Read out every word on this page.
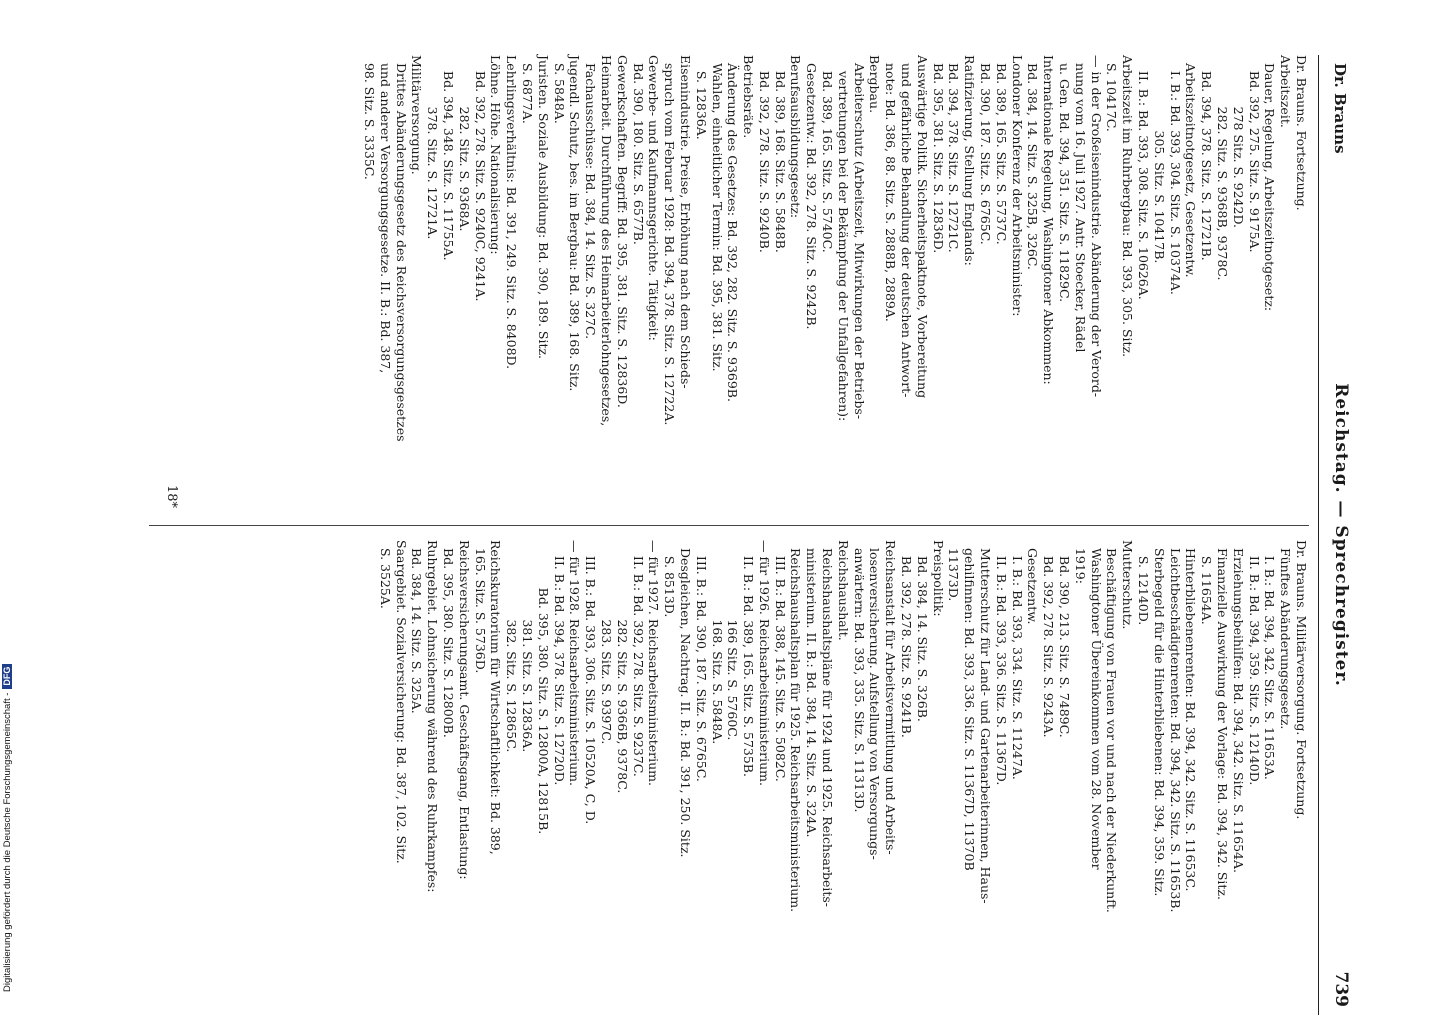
Dr. Brauns
Reichstag. — Sprechregister.
739
Dr. Brauns. Fortsetzung.
Arbeitszeit.
Dauer, Regelung, Arbeitszeitnotgesetz:
Bd. 392, 275. Sitz. S. 9175A.
278 Sitz. S. 9242D.
282. Sitz. S. 9368B, 9378C.
Bd. 394, 378. Sitz. S. 12721B.
Arbeitszeitnotgesetz, Gesetzentw.
I. B.: Bd. 393, 304. Sitz. S. 10374A.
305. Sitz. S. 10417B.
II. B.: Bd. 393, 308. Sitz. S. 10626A.
Arbeitszeit im Ruhrbergbau: Bd. 393, 305. Sitz.
S. 10417C.
— in der Großeisenindustrie. Abänderung der Verord-
nung vom 16. Juli 1927. Antr. Stoecker, Rädel
u. Gen. Bd. 394, 351. Sitz. S. 11829C.
Internationale Regelung, Washingtoner Abkommen:
Bd. 384, 14. Sitz. S. 325B, 326C.
Londoner Konferenz der Arbeitsminister:
Bd. 389, 165. Sitz. S. 5737C.
Bd. 390, 187. Sitz. S. 6765C.
Ratifizierung, Stellung Englands:
Bd. 394, 378. Sitz. S. 12721C.
Bd. 395, 381. Sitz. S. 12836D.
Auswärtige Politik. Sicherheitspaktnote, Vorbereitung
und gefährliche Behandlung der deutschen Antwort-
note: Bd. 386, 88. Sitz. S. 2888B, 2889A.
Bergbau.
Arbeiterschutz (Arbeitszeit, Mitwirkungen der Betriebs-
vertretungen bei der Bekämpfung der Unfallgefahren):
Bd. 389, 165. Sitz. S. 5740C.
Gesetzentw.: Bd. 392, 278. Sitz. S. 9242B.
Berufsausbildungsgesetz:
Bd. 389, 168. Sitz. S. 5848B.
Bd. 392, 278. Sitz. S. 9240B.
Betriebsräte.
Änderung des Gesetzes: Bd. 392, 282. Sitz. S. 9369B.
Wahlen, einheitlicher Termin: Bd. 395, 381. Sitz.
S. 12836A.
Eisenindustrie. Preise, Erhöhung nach dem Schieds-
spruch vom Februar 1928: Bd. 394, 378. Sitz. S. 12722A.
Gewerbe- und Kaufmannsgerichte. Tätigkeit:
Bd. 390, 180. Sitz. S. 6577B.
Gewerkschaften. Begriff: Bd. 395, 381. Sitz. S. 12836D.
Heimarbeit. Durchführung des Heimarbeiterlohngesetzes,
Fachausschüsse: Bd. 384, 14. Sitz. S. 327C.
Jugendl. Schutz, bes. im Bergbau: Bd. 389, 168. Sitz.
S. 5848A.
Juristen. Soziale Ausbildung: Bd. 390, 189. Sitz.
S. 6877A.
Lehrlingsverhältnis: Bd. 391, 249. Sitz. S. 8408D.
Löhne. Höhe. Nationalisierung:
Bd. 392, 278. Sitz. S. 9240C, 9241A.
282. Sitz. S. 9368A.
Bd. 394, 348. Sitz. S. 11755A.
378. Sitz. S. 12721A.
Militärversorgung.
Drittes Abänderungsgesetz des Reichsversorgungsgesetzes
und anderer Versorgungsgesetze. II. B.: Bd. 387,
98. Sitz. S. 3335C.
Dr. Brauns. Militärversorgung. Fortsetzung.
Fünftes Abänderungsgesetz.
I. B.: Bd. 394, 342. Sitz. S. 11653A.
II. B.: Bd. 394, 359. Sitz. S. 12140D.
Erziehungsbeihilfen: Bd. 394, 342. Sitz. S. 11654A.
Finanzielle Auswirkung der Vorlage: Bd. 394, 342. Sitz.
S. 11654A.
Hinterbliebenenrenten: Bd. 394, 342. Sitz. S. 11653C.
Leichtbeschädigtenrenten: Bd. 394, 342. Sitz. S. 11653B.
Sterbegeld für die Hinterbliebenen: Bd. 394, 359. Sitz.
S. 12140D.
Mutterschutz.
Beschäftigung von Frauen vor und nach der Niederkunft.
Washingtoner Übereinkommen vom 28. November
1919:
Bd. 390, 213. Sitz. S. 7489C.
Bd. 392, 278. Sitz. S. 9243A.
Gesetzentw.
I. B.: Bd. 393, 334. Sitz. S. 11247A.
II. B.: Bd. 393, 336. Sitz. S. 11367D.
Mutterschutz für Land- und Gartenarbeiterinnen, Haus-
gehilfinnen: Bd. 393, 336. Sitz. S. 11367D, 11370B
11373D.
Preispolitik:
Bd. 384, 14. Sitz. S. 326B.
Bd. 392, 278. Sitz. S. 9241B.
Reichsanstalt für Arbeitsvermittlung und Arbeits-
losenversicherung. Aufstellung von Versorgungs-
anwärtern: Bd. 393, 335. Sitz. S. 11313D.
Reichshaushalt.
Reichshaushaltspläne für 1924 und 1925. Reichsarbeits-
ministerium. II. B.: Bd. 384, 14. Sitz. S. 324A.
Reichshaushaltsplan für 1925. Reichsarbeitsministerium.
III. B.: Bd. 388, 145. Sitz. S. 5082C.
— für 1926. Reichsarbeitsministerium.
II. B.: Bd. 389, 165. Sitz. S. 5735B.
166 Sitz. S. 5760C.
168. Sitz. S. 5848A.
III. B.: Bd. 390, 187. Sitz. S. 6765C.
Desgleichen, Nachtrag. II. B.: Bd. 391, 250. Sitz.
S. 8513D.
— für 1927. Reichsarbeitsministerium.
II. B.: Bd. 392, 278. Sitz. S. 9237C.
282. Sitz. S. 9366B, 9378C.
283. Sitz. S. 9397C.
III. B.: Bd. 393, 306. Sitz. S. 10520A, C, D.
— für 1928. Reichsarbeitsministerium.
II. B.: Bd. 394, 378. Sitz. S. 12720D.
Bd. 395, 380. Sitz. S. 12800A, 12815B.
381. Sitz. S. 12836A.
382. Sitz. S. 12865C.
Reichskuratorium für Wirtschaftlichkeit: Bd. 389,
165. Sitz. S. 5736D.
Reichsversicherungsamt. Geschäftsgang, Entlastung:
Bd. 395, 380. Sitz. S. 12800B.
Ruhrgebiet. Lohnsicherung während des Ruhrkampfes:
Bd. 384, 14. Sitz. S. 325A.
Saargebiet. Sozialversicherung: Bd. 387, 102. Sitz.
S. 3525A.
18*
Digitalisierung gefördert durch die Deutsche Forschungsgemeinschaft -DFG
